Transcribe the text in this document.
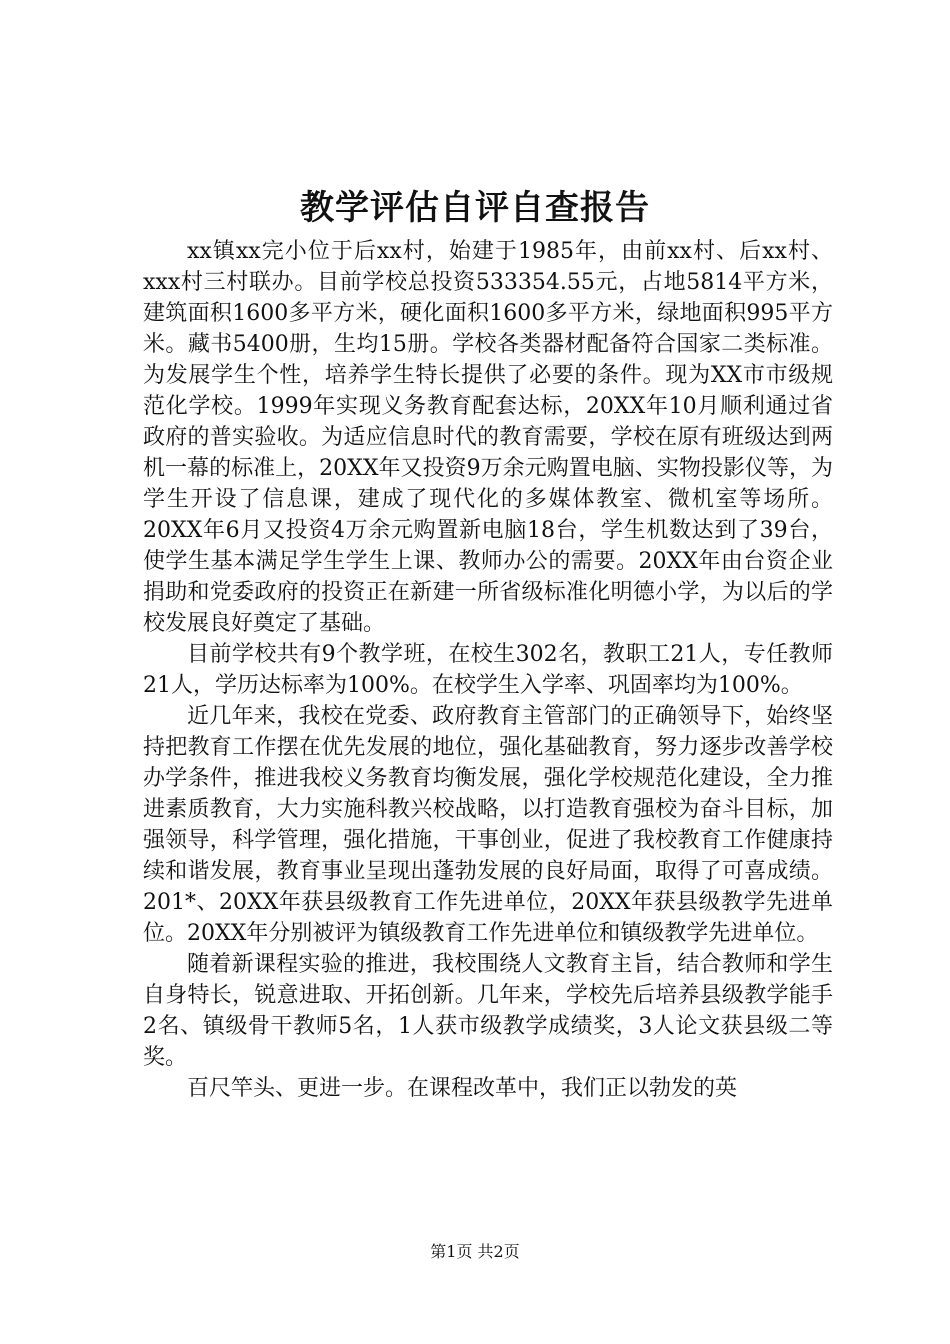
教学评估自评自查报告

xx镇xx完小位于后xx村，始建于1985年，由前xx村、后xx村、xxx村三村联办。目前学校总投资533354.55元，占地5814平方米，建筑面积1600多平方米，硬化面积1600多平方米，绿地面积995平方米。藏书5400册，生均15册。学校各类器材配备符合国家二类标准。为发展学生个性，培养学生特长提供了必要的条件。现为XX市市级规范化学校。1999年实现义务教育配套达标，20XX年10月顺利通过省政府的普实验收。为适应信息时代的教育需要，学校在原有班级达到两机一幕的标准上，20XX年又投资9万余元购置电脑、实物投影仪等，为学生开设了信息课，建成了现代化的多媒体教室、微机室等场所。20XX年6月又投资4万余元购置新电脑18台，学生机数达到了39台，使学生基本满足学生学生上课、教师办公的需要。20XX年由台资企业捐助和党委政府的投资正在新建一所省级标准化明德小学，为以后的学校发展良好奠定了基础。

目前学校共有9个教学班，在校生302名，教职工21人，专任教师21人，学历达标率为100%。在校学生入学率、巩固率均为100%。

近几年来，我校在党委、政府教育主管部门的正确领导下，始终坚持把教育工作摆在优先发展的地位，强化基础教育，努力逐步改善学校办学条件，推进我校义务教育均衡发展，强化学校规范化建设，全力推进素质教育，大力实施科教兴校战略，以打造教育强校为奋斗目标，加强领导，科学管理，强化措施，干事创业，促进了我校教育工作健康持续和谐发展，教育事业呈现出蓬勃发展的良好局面，取得了可喜成绩。201*、20XX年获县级教育工作先进单位，20XX年获县级教学先进单位。20XX年分别被评为镇级教育工作先进单位和镇级教学先进单位。

随着新课程实验的推进，我校围绕人文教育主旨，结合教师和学生自身特长，锐意进取、开拓创新。几年来，学校先后培养县级教学能手2名、镇级骨干教师5名，1人获市级教学成绩奖，3人论文获县级二等奖。

百尺竿头、更进一步。在课程改革中，我们正以勃发的英

第1页 共2页
